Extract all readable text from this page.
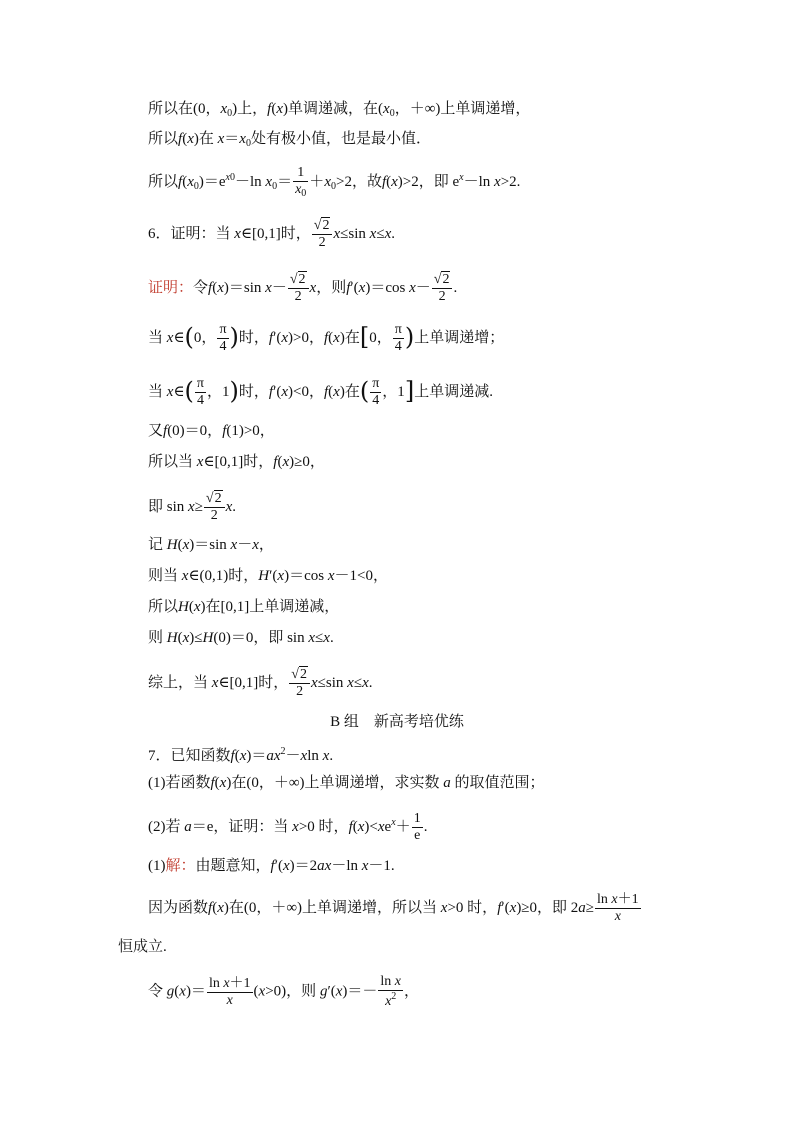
所以在(0，$x_0$)上，f(x)单调递减，在($x_0$，＋∞)上单调递增，
所以f(x)在 $x=x_0$处有极小值，也是最小值．
所以$f(x_0)=e^{x0}-\ln$ $x_0= \frac{1}{x_0} +x_0>2$，故f(x)>2，即 $e^x-\ln$ x>2.
6．证明：当 x∈[0,1]时， $\frac{√2}{2} x\le\sin$ x≤x.
证明：令f(x)＝sin $x- \frac{√2}{2}$ x，则f′(x)＝cos $x- \frac{√2}{2}$ .
当 x∈(0， $\frac{\pi}{4}$ )时，f′(x)>0，f(x)在[0， $\frac{\pi}{4}$ )上单调递增；
当 x∈( $\frac{\pi}{4}$ ，1)时，f′(x)<0，f(x)在( $\frac{\pi}{4}$ ，1]上单调递减.
又f(0)＝0，f(1)>0，
所以当 x∈[0,1]时，f(x)≥0，
即 $\sin x\ge \frac{√2}{2} x$.
记 H(x)＝sin x－x，
则当 x∈(0,1)时，H′(x)＝cos x－1<0，
所以H(x)在[0,1]上单调递减，
则 H(x)≤H(0)＝0，即 sin x≤x.
综上，当 x∈[0,1]时， $\frac{√2}{2} x\le\sin$ x≤x.
B 组　新高考培优练
7．已知函数$f(x)=ax^2-xln$ x.
(1)若函数f(x)在(0，＋∞)上单调递增，求实数 a 的取值范围；
(2)若 a＝e，证明：当 x>0 时，$f(x)<xe^x+ \frac{1}{e}$ .
(1)解：由题意知，f′(x)＝2ax－ln x－1.
因为函数f(x)在(0，＋∞)上单调递增，所以当 x>0 时，f′(x)≥0，即 $2a\ge \frac{\text{ln x＋1}}{x}$
恒成立.
令 $g(x)= \frac{\text{ln x＋1}}{x} (x>0)$，则 $g'(x)=- \frac{\text{ln x}}{x^2}$ ，
